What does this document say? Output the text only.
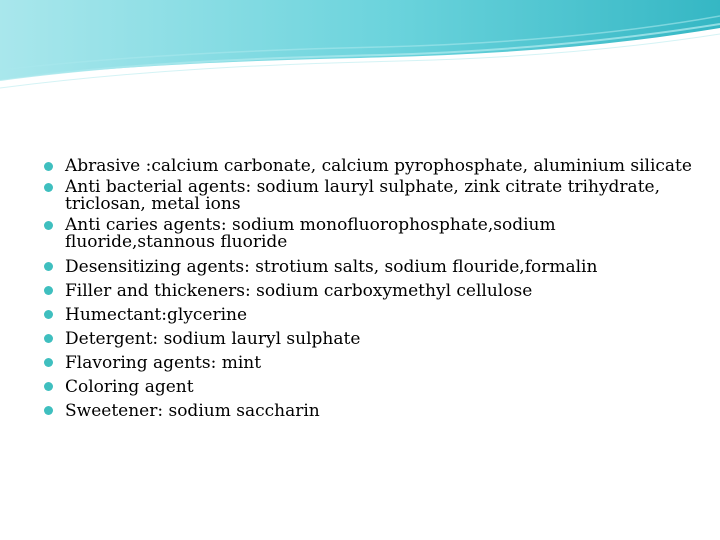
Abrasive :calcium carbonate, calcium pyrophosphate, aluminium silicate
Anti bacterial agents: sodium lauryl sulphate, zink citrate trihydrate, triclosan, metal ions
Anti caries agents: sodium monofluorophosphate,sodium fluoride,stannous fluoride
Desensitizing agents: strotium salts, sodium flouride,formalin
Filler and thickeners: sodium carboxymethyl cellulose
Humectant:glycerine
Detergent: sodium lauryl sulphate
Flavoring agents: mint
Coloring agent
Sweetener: sodium saccharin
